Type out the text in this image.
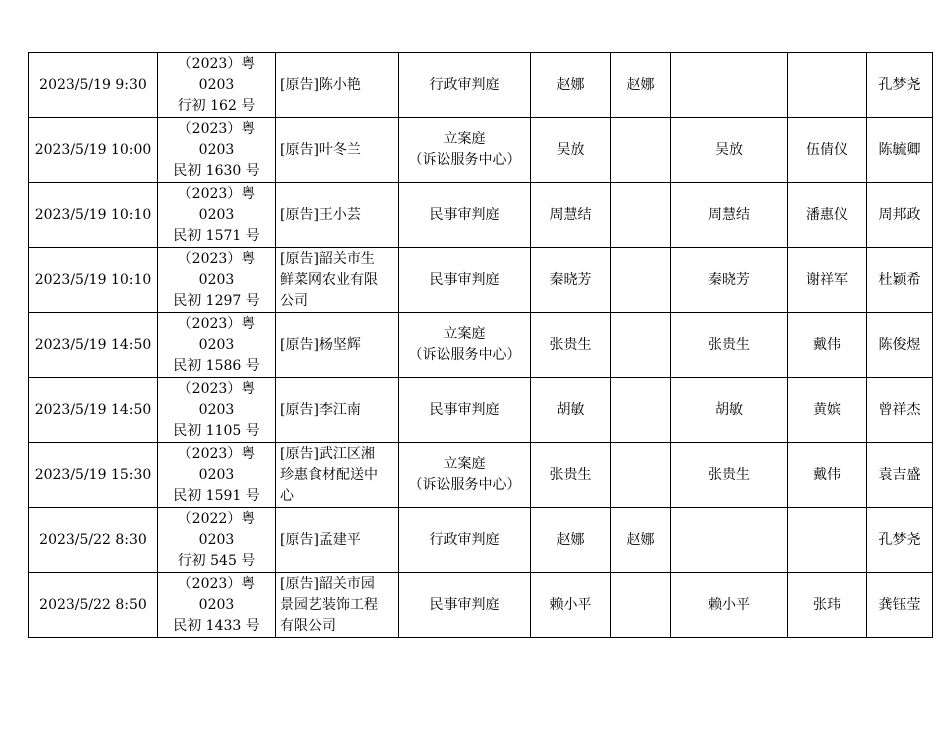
2023/5/19 9:30	（2023）粤 0203
行初 162 号	[原告]陈小艳	行政审判庭	赵娜	赵娜			孔梦尧

2023/5/19 10:00	（2023）粤 0203
民初 1630 号	[原告]叶冬兰	立案庭
（诉讼服务中心）	吴放		吴放	伍倩仪	陈毓卿

2023/5/19 10:10	（2023）粤 0203
民初 1571 号	[原告]王小芸	民事审判庭	周慧结		周慧结	潘惠仪	周邦政

2023/5/19 10:10	（2023）粤 0203
民初 1297 号	[原告]韶关市生
鲜菜网农业有限
公司	民事审判庭	秦晓芳		秦晓芳	谢祥军	杜颖希

2023/5/19 14:50	（2023）粤 0203
民初 1586 号	[原告]杨坚辉	立案庭
（诉讼服务中心）	张贵生		张贵生	戴伟	陈俊煜

2023/5/19 14:50	（2023）粤 0203
民初 1105 号	[原告]李江南	民事审判庭	胡敏		胡敏	黄嫔	曾祥杰

2023/5/19 15:30	（2023）粤 0203
民初 1591 号	[原告]武江区湘
珍惠食材配送中
心	立案庭
（诉讼服务中心）	张贵生		张贵生	戴伟	袁吉盛

2023/5/22 8:30	（2022）粤 0203
行初 545 号	[原告]孟建平	行政审判庭	赵娜	赵娜			孔梦尧

2023/5/22 8:50	（2023）粤 0203
民初 1433 号	[原告]韶关市园
景园艺装饰工程
有限公司	民事审判庭	赖小平		赖小平	张玮	龚钰莹
